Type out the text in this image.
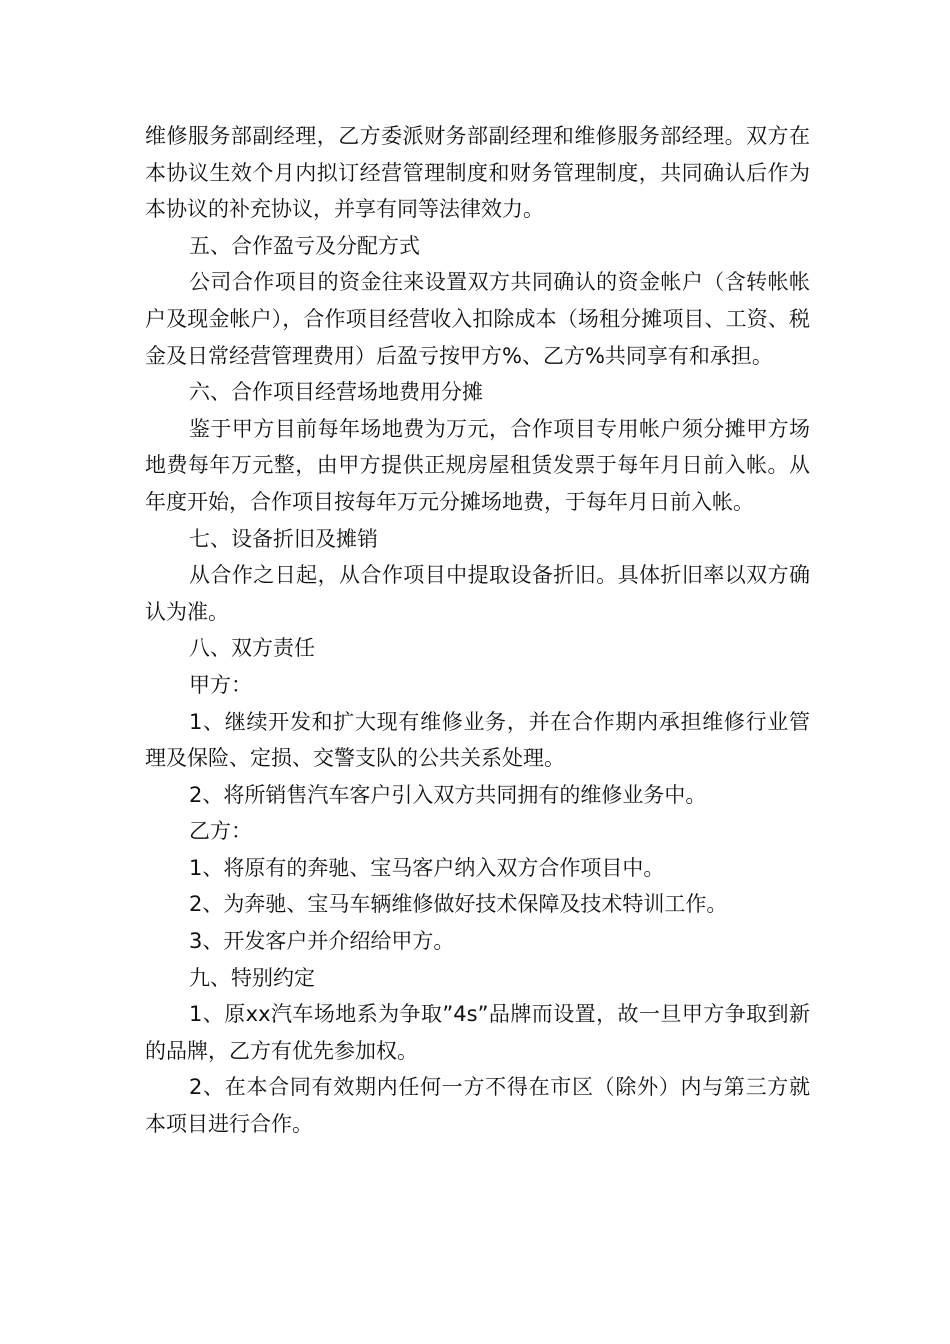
维修服务部副经理，乙方委派财务部副经理和维修服务部经理。双方在本协议生效个月内拟订经营管理制度和财务管理制度，共同确认后作为本协议的补充协议，并享有同等法律效力。

五、合作盈亏及分配方式

公司合作项目的资金往来设置双方共同确认的资金帐户（含转帐帐户及现金帐户），合作项目经营收入扣除成本（场租分摊项目、工资、税金及日常经营管理费用）后盈亏按甲方%、乙方%共同享有和承担。

六、合作项目经营场地费用分摊

鉴于甲方目前每年场地费为万元，合作项目专用帐户须分摊甲方场地费每年万元整，由甲方提供正规房屋租赁发票于每年月日前入帐。从年度开始，合作项目按每年万元分摊场地费，于每年月日前入帐。

七、设备折旧及摊销

从合作之日起，从合作项目中提取设备折旧。具体折旧率以双方确认为准。

八、双方责任

甲方：

1、继续开发和扩大现有维修业务，并在合作期内承担维修行业管理及保险、定损、交警支队的公共关系处理。

2、将所销售汽车客户引入双方共同拥有的维修业务中。

乙方：

1、将原有的奔驰、宝马客户纳入双方合作项目中。

2、为奔驰、宝马车辆维修做好技术保障及技术特训工作。

3、开发客户并介绍给甲方。

九、特别约定

1、原xx汽车场地系为争取”4s”品牌而设置，故一旦甲方争取到新的品牌，乙方有优先参加权。

2、在本合同有效期内任何一方不得在市区（除外）内与第三方就本项目进行合作。
